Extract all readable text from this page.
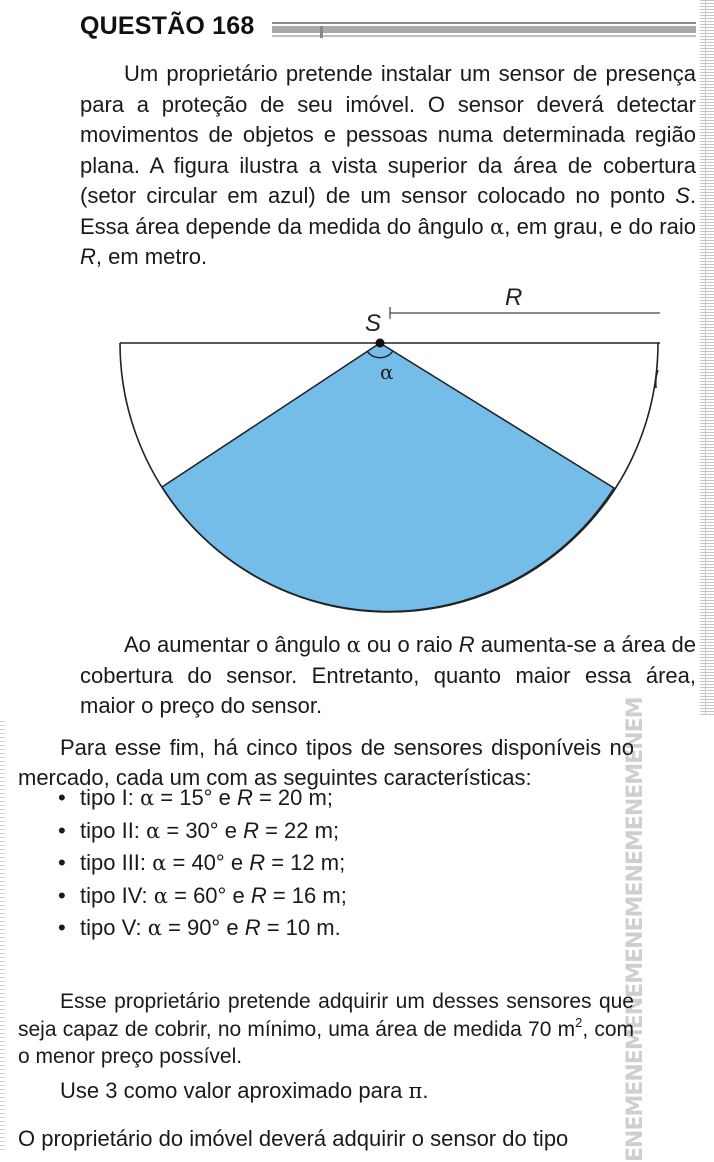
ENEMENEMENEMENEMENEMENEMENEM
QUESTÃO 168

Um proprietário pretende instalar um sensor de presença para a proteção de seu imóvel. O sensor deverá detectar movimentos de objetos e pessoas numa determinada região plana. A figura ilustra a vista superior da área de cobertura (setor circular em azul) de um sensor colocado no ponto S. Essa área depende da medida do ângulo α, em grau, e do raio R, em metro.

S
R
α

Ao aumentar o ângulo α ou o raio R aumenta-se a área de cobertura do sensor. Entretanto, quanto maior essa área, maior o preço do sensor.

Para esse fim, há cinco tipos de sensores disponíveis no mercado, cada um com as seguintes características:

• tipo I: α = 15° e R = 20 m;
• tipo II: α = 30° e R = 22 m;
• tipo III: α = 40° e R = 12 m;
• tipo IV: α = 60° e R = 16 m;
• tipo V: α = 90° e R = 10 m.

Esse proprietário pretende adquirir um desses sensores que seja capaz de cobrir, no mínimo, uma área de medida 70 $m^2$, com o menor preço possível.

Use 3 como valor aproximado para π.

O proprietário do imóvel deverá adquirir o sensor do tipo
